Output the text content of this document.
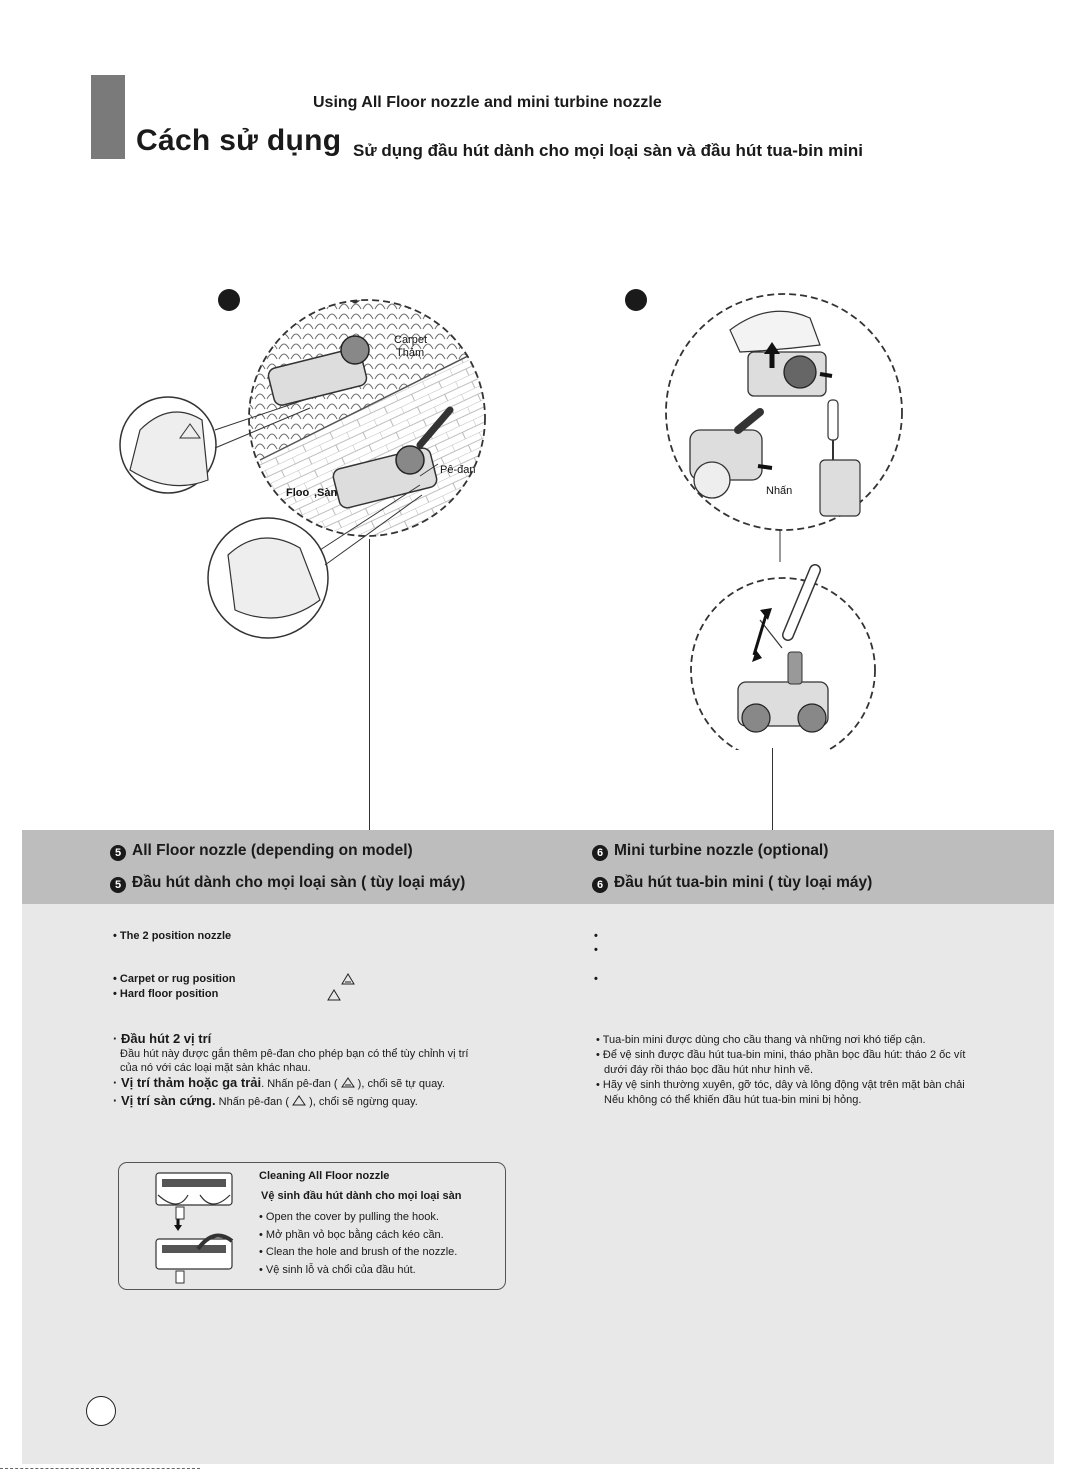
Using All Floor nozzle and mini turbine nozzle
Cách sử dụng Sử dụng đầu hút dành cho mọi loại sàn và đầu hút tua-bin mini
Carpet
Thảm
Pê-đan
Floo ,Sàn	Nhấn
5 All Floor nozzle (depending on model)
5 Đầu hút dành cho mọi loại sàn ( tùy loại máy)
6 Mini turbine nozzle (optional)
6 Đầu hút tua-bin mini ( tùy loại máy)
• The 2 position nozzle
• Carpet or rug position
• Hard floor position
•
•
•
· Đầu hút 2 vị trí
Đầu hút này được gắn thêm pê-đan cho phép bạn có thể tùy chỉnh vị trí
của nó với các loại mặt sàn khác nhau.
· Vị trí thảm hoặc ga trải. Nhấn pê-đan ( ), chổi sẽ tự quay.
· Vị trí sàn cứng. Nhấn pê-đan ( ), chổi sẽ ngừng quay.
• Tua-bin mini được dùng cho cầu thang và những nơi khó tiếp cận.
• Để vệ sinh được đầu hút tua-bin mini, tháo phần bọc đầu hút: tháo 2 ốc vít
dưới đáy rồi tháo bọc đầu hút như hình vẽ.
• Hãy vệ sinh thường xuyên, gỡ tóc, dây và lông động vật trên mặt bàn chải
Nếu không có thể khiến đầu hút tua-bin mini bị hỏng.
Cleaning All Floor nozzle
Vệ sinh đầu hút dành cho mọi loại sàn
• Open the cover by pulling the hook.
• Mở phần vỏ bọc bằng cách kéo cần.
• Clean the hole and brush of the nozzle.
• Vệ sinh lỗ và chổi của đầu hút.
